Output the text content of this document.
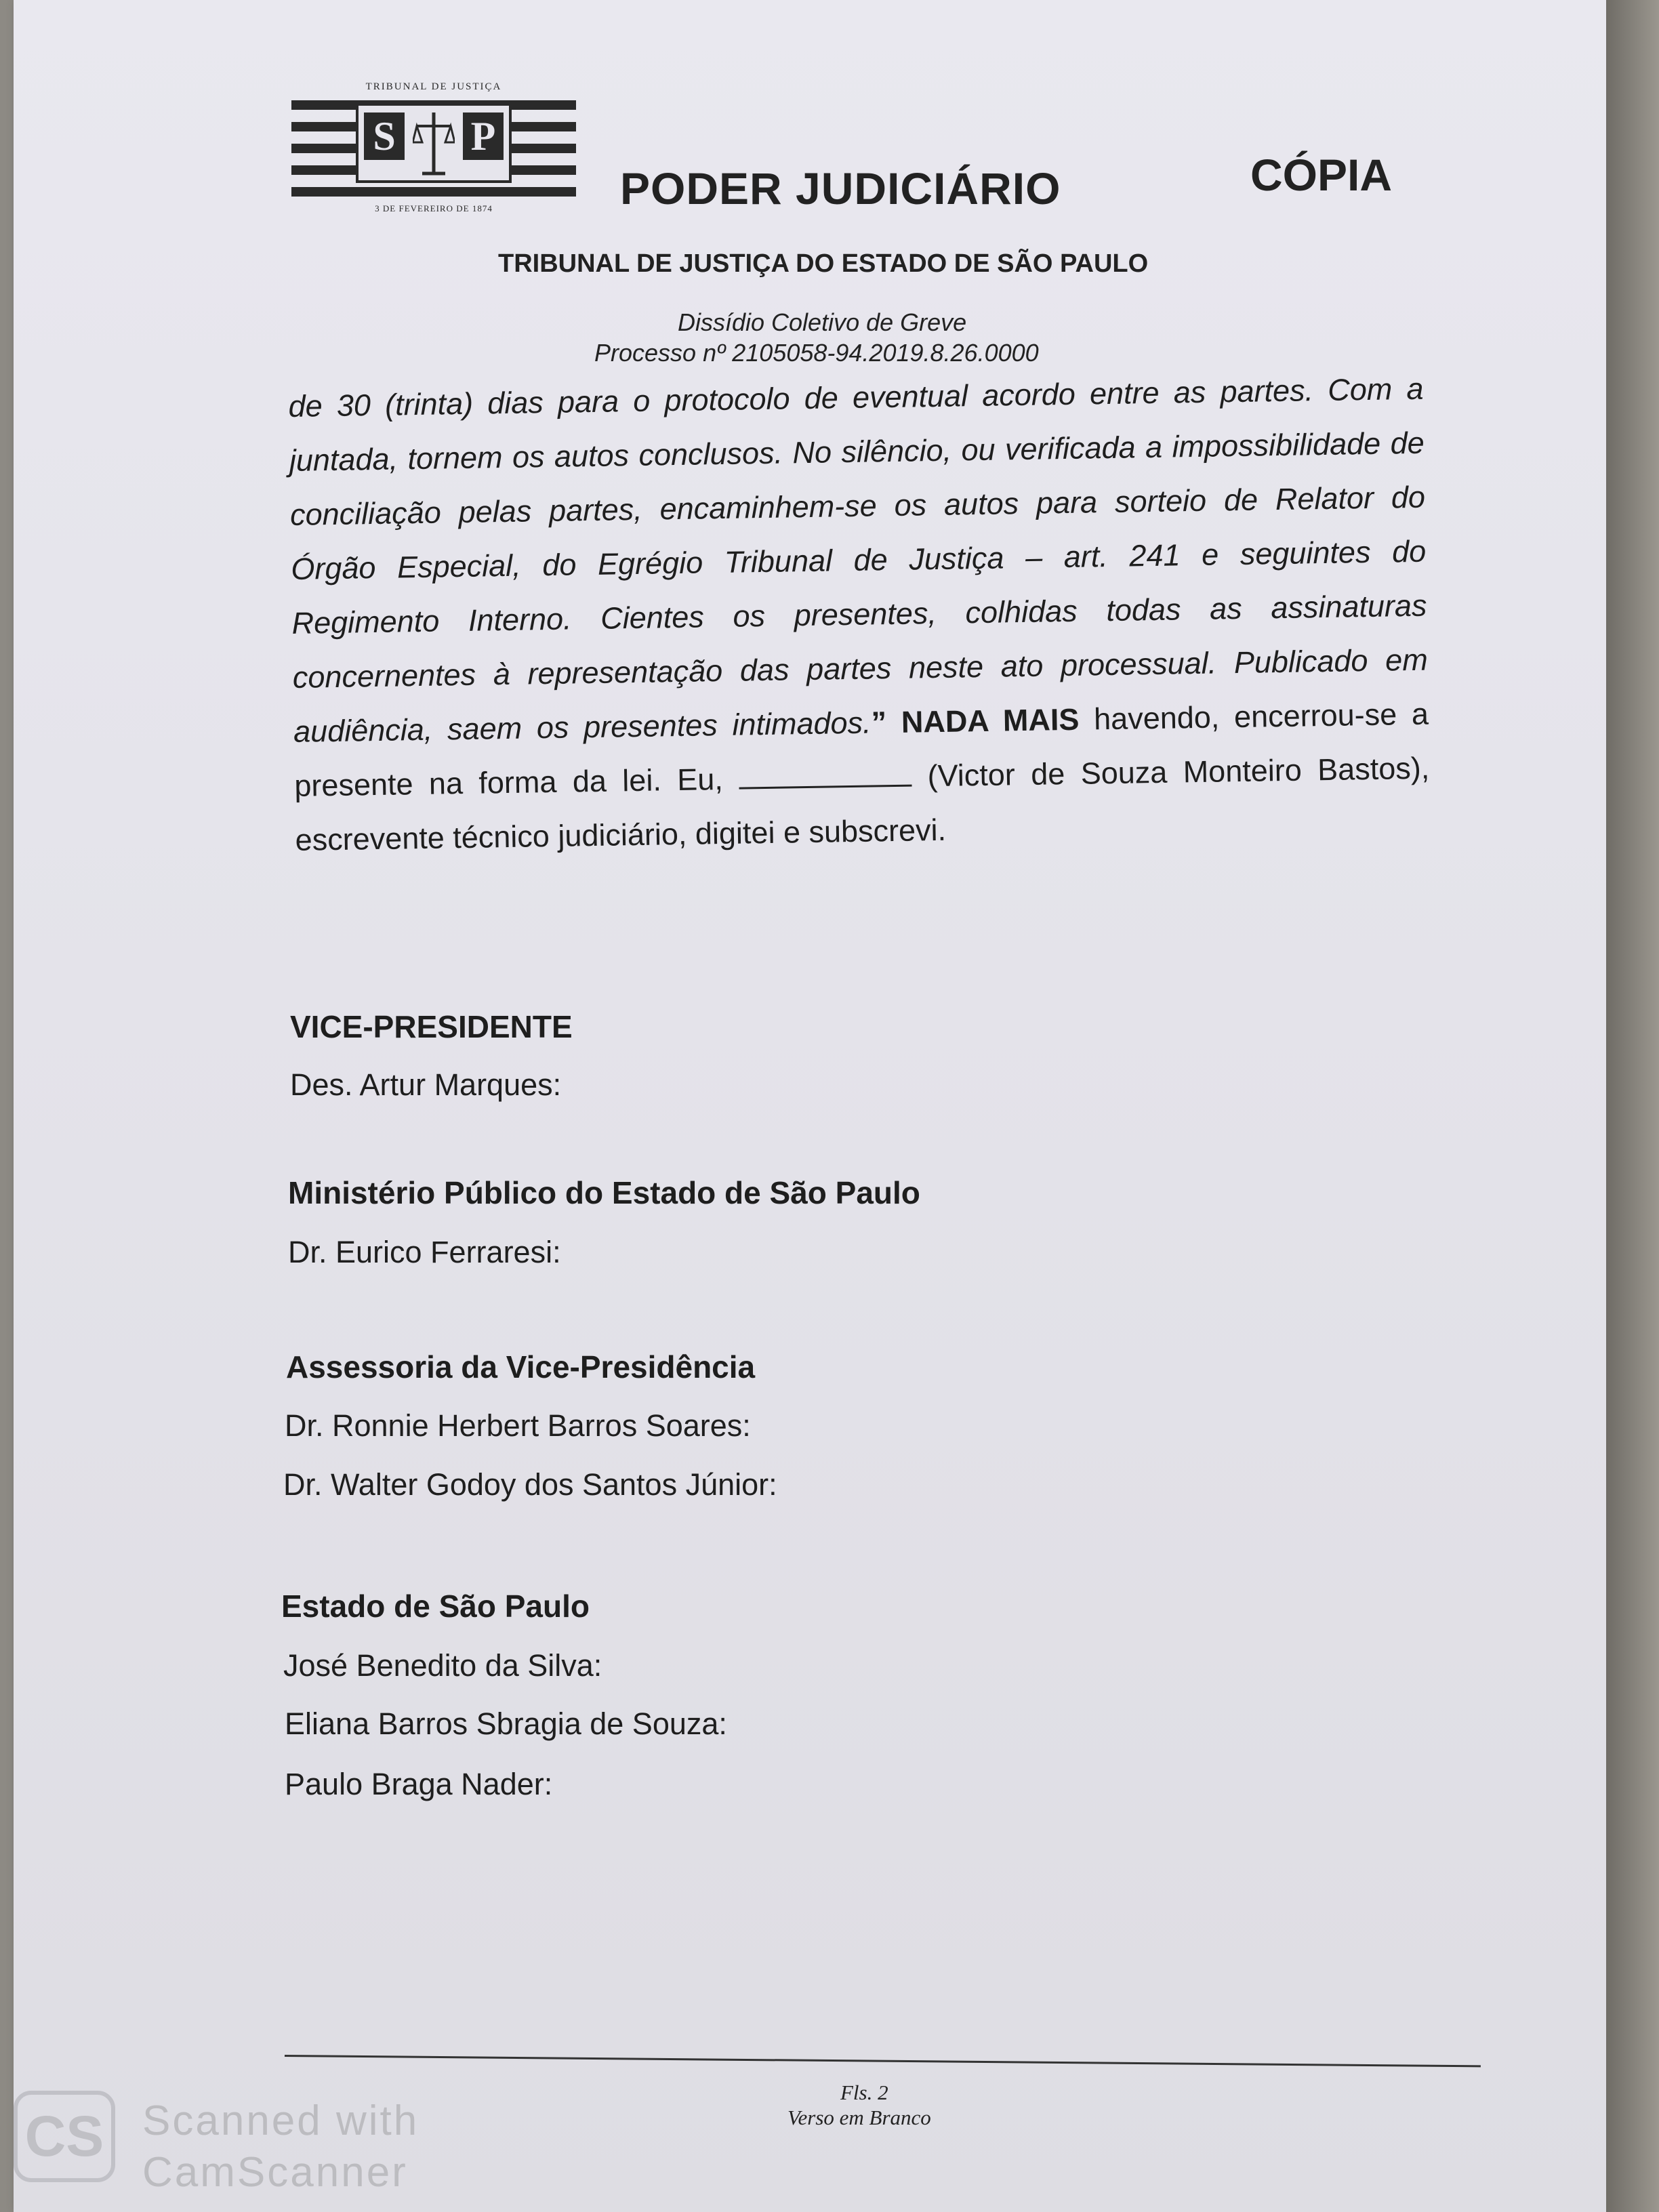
TRIBUNAL DE JUSTIÇA
S P
3 DE FEVEREIRO DE 1874	PODER JUDICIÁRIO	CÓPIA
TRIBUNAL DE JUSTIÇA DO ESTADO DE SÃO PAULO
Dissídio Coletivo de Greve
Processo nº 2105058-94.2019.8.26.0000
de 30 (trinta) dias para o protocolo de eventual acordo entre as partes. Com a juntada, tornem os autos conclusos. No silêncio, ou verificada a impossibilidade de conciliação pelas partes, encaminhem-se os autos para sorteio de Relator do Órgão Especial, do Egrégio Tribunal de Justiça – art. 241 e seguintes do Regimento Interno. Cientes os presentes, colhidas todas as assinaturas concernentes à representação das partes neste ato processual. Publicado em audiência, saem os presentes intimados.” NADA MAIS havendo, encerrou-se a presente na forma da lei. Eu,	(Victor de Souza Monteiro Bastos), escrevente técnico judiciário, digitei e subscrevi.
VICE-PRESIDENTE
Des. Artur Marques:
Ministério Público do Estado de São Paulo
Dr. Eurico Ferraresi:
Assessoria da Vice-Presidência
Dr. Ronnie Herbert Barros Soares:
Dr. Walter Godoy dos Santos Júnior:
Estado de São Paulo
José Benedito da Silva:
Eliana Barros Sbragia de Souza:
Paulo Braga Nader:
Fls. 2
Verso em Branco
CS Scanned with
CamScanner
